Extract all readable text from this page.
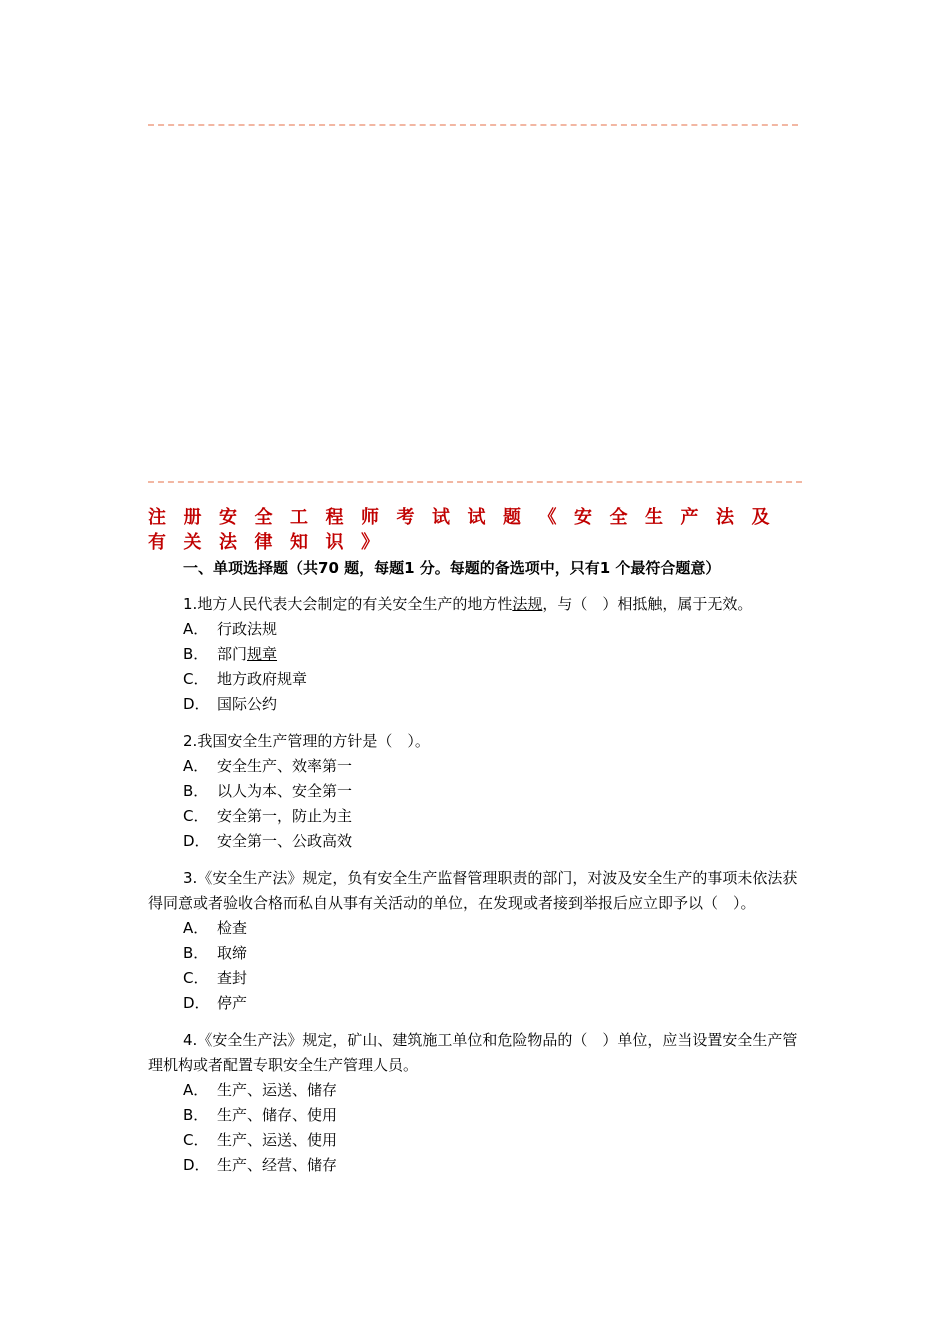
注册安全工程师考试试题《安全生产法及有关法律知识》
一、单项选择题（共70 题，每题1 分。每题的备选项中，只有1 个最符合题意）
1.地方人民代表大会制定的有关安全生产的地方性法规，与（　）相抵触，属于无效。
A． 行政法规
B． 部门规章
C． 地方政府规章
D． 国际公约
2.我国安全生产管理的方针是（　）。
A． 安全生产、效率第一
B． 以人为本、安全第一
C． 安全第一，防止为主
D． 安全第一、公政高效
3.《安全生产法》规定，负有安全生产监督管理职责的部门，对波及安全生产的事项未依法获得同意或者验收合格而私自从事有关活动的单位，在发现或者接到举报后应立即予以（　）。
A． 检查
B． 取缔
C． 查封
D． 停产
4.《安全生产法》规定，矿山、建筑施工单位和危险物品的（　）单位，应当设置安全生产管理机构或者配置专职安全生产管理人员。
A． 生产、运送、储存
B． 生产、储存、使用
C． 生产、运送、使用
D． 生产、经营、储存
